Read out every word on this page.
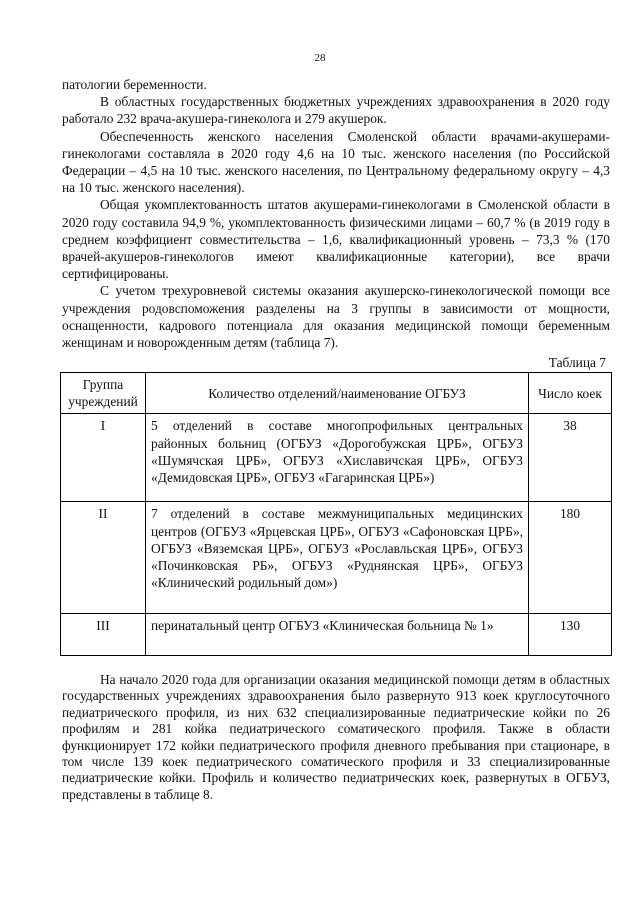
28

патологии беременности.

В областных государственных бюджетных учреждениях здравоохранения в 2020 году работало 232 врача-акушера-гинеколога и 279 акушерок.

Обеспеченность женского населения Смоленской области врачами-акушерами-гинекологами составляла в 2020 году 4,6 на 10 тыс. женского населения (по Российской Федерации – 4,5 на 10 тыс. женского населения, по Центральному федеральному округу – 4,3 на 10 тыс. женского населения).

Общая укомплектованность штатов акушерами-гинекологами в Смоленской области в 2020 году составила 94,9 %, укомплектованность физическими лицами – 60,7 % (в 2019 году в среднем коэффициент совместительства – 1,6, квалификационный уровень – 73,3 % (170 врачей-акушеров-гинекологов имеют квалификационные категории), все врачи сертифицированы.

С учетом трехуровневой системы оказания акушерско-гинекологической помощи все учреждения родовспоможения разделены на 3 группы в зависимости от мощности, оснащенности, кадрового потенциала для оказания медицинской помощи беременным женщинам и новорожденным детям (таблица 7).

Таблица 7
Группа учреждений	Количество отделений/наименование ОГБУЗ	Число коек
I	5 отделений в составе многопрофильных центральных районных больниц (ОГБУЗ «Дорогобужская ЦРБ», ОГБУЗ «Шумячская ЦРБ», ОГБУЗ «Хиславичская ЦРБ», ОГБУЗ «Демидовская ЦРБ», ОГБУЗ «Гагаринская ЦРБ»)	38
II	7 отделений в составе межмуниципальных медицинских центров (ОГБУЗ «Ярцевская ЦРБ», ОГБУЗ «Сафоновская ЦРБ», ОГБУЗ «Вяземская ЦРБ», ОГБУЗ «Рославльская ЦРБ», ОГБУЗ «Починковская РБ», ОГБУЗ «Руднянская ЦРБ», ОГБУЗ «Клинический родильный дом»)	180
III	перинатальный центр ОГБУЗ «Клиническая больница № 1»	130

На начало 2020 года для организации оказания медицинской помощи детям в областных государственных учреждениях здравоохранения было развернуто 913 коек круглосуточного педиатрического профиля, из них 632 специализированные педиатрические койки по 26 профилям и 281 койка педиатрического соматического профиля. Также в области функционирует 172 койки педиатрического профиля дневного пребывания при стационаре, в том числе 139 коек педиатрического соматического профиля и 33 специализированные педиатрические койки. Профиль и количество педиатрических коек, развернутых в ОГБУЗ, представлены в таблице 8.
